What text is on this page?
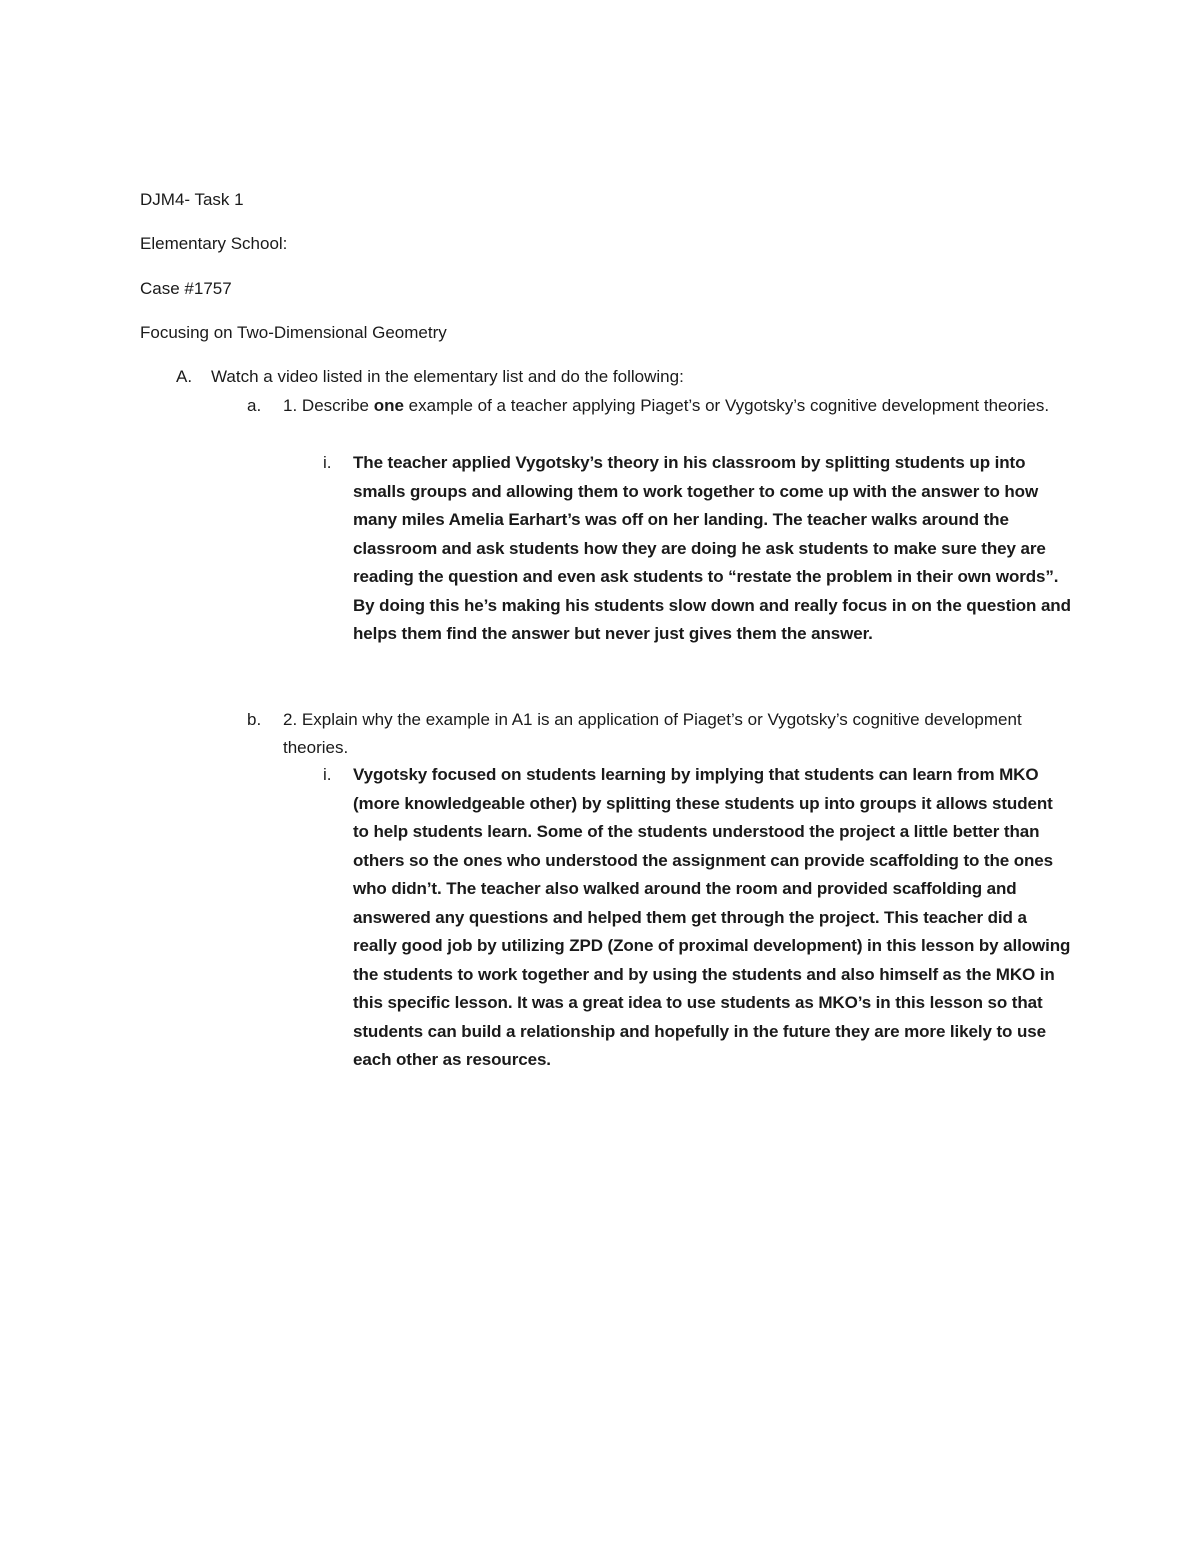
DJM4- Task 1
Elementary School:
Case #1757
Focusing on Two-Dimensional Geometry
A. Watch a video listed in the elementary list and do the following:
a. 1. Describe one example of a teacher applying Piaget’s or Vygotsky’s cognitive development theories.
i. The teacher applied Vygotsky’s theory in his classroom by splitting students up into smalls groups and allowing them to work together to come up with the answer to how many miles Amelia Earhart’s was off on her landing. The teacher walks around the classroom and ask students how they are doing he ask students to make sure they are reading the question and even ask students to “restate the problem in their own words”. By doing this he’s making his students slow down and really focus in on the question and helps them find the answer but never just gives them the answer.
b. 2. Explain why the example in A1 is an application of Piaget’s or Vygotsky’s cognitive development theories.
i. Vygotsky focused on students learning by implying that students can learn from MKO (more knowledgeable other) by splitting these students up into groups it allows student to help students learn. Some of the students understood the project a little better than others so the ones who understood the assignment can provide scaffolding to the ones who didn’t. The teacher also walked around the room and provided scaffolding and answered any questions and helped them get through the project. This teacher did a really good job by utilizing ZPD (Zone of proximal development) in this lesson by allowing the students to work together and by using the students and also himself as the MKO in this specific lesson. It was a great idea to use students as MKO’s in this lesson so that students can build a relationship and hopefully in the future they are more likely to use each other as resources.
